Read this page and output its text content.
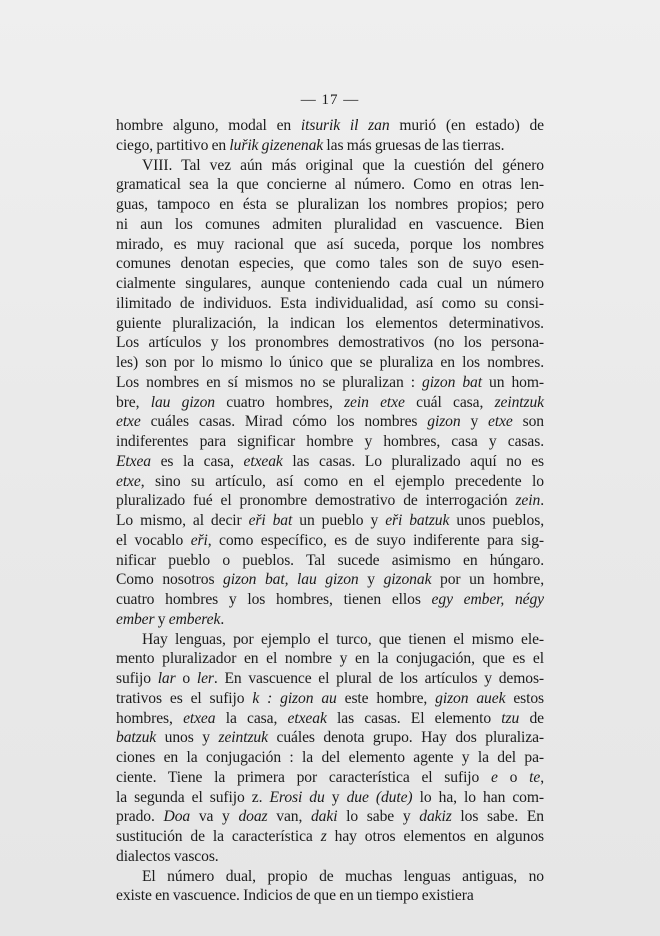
— 17 —
hombre alguno, modal en itsurik il zan murió (en estado) de
ciego, partitivo en luřik gizenenak las más gruesas de las tierras.
VIII. Tal vez aún más original que la cuestión del género
gramatical sea la que concierne al número. Como en otras len-
guas, tampoco en ésta se pluralizan los nombres propios; pero
ni aun los comunes admiten pluralidad en vascuence. Bien
mirado, es muy racional que así suceda, porque los nombres
comunes denotan especies, que como tales son de suyo esen-
cialmente singulares, aunque conteniendo cada cual un número
ilimitado de individuos. Esta individualidad, así como su consi-
guiente pluralización, la indican los elementos determinativos.
Los artículos y los pronombres demostrativos (no los persona-
les) son por lo mismo lo único que se pluraliza en los nombres.
Los nombres en sí mismos no se pluralizan : gizon bat un hom-
bre, lau gizon cuatro hombres, zein etxe cuál casa, zeintzuk
etxe cuáles casas. Mirad cómo los nombres gizon y etxe son
indiferentes para significar hombre y hombres, casa y casas.
Etxea es la casa, etxeak las casas. Lo pluralizado aquí no es
etxe, sino su artículo, así como en el ejemplo precedente lo
pluralizado fué el pronombre demostrativo de interrogación zein.
Lo mismo, al decir eři bat un pueblo y eři batzuk unos pueblos,
el vocablo eři, como específico, es de suyo indiferente para sig-
nificar pueblo o pueblos. Tal sucede asimismo en húngaro.
Como nosotros gizon bat, lau gizon y gizonak por un hombre,
cuatro hombres y los hombres, tienen ellos egy ember, négy
ember y emberek.
Hay lenguas, por ejemplo el turco, que tienen el mismo ele-
mento pluralizador en el nombre y en la conjugación, que es el
sufijo lar o ler. En vascuence el plural de los artículos y demos-
trativos es el sufijo k : gizon au este hombre, gizon auek estos
hombres, etxea la casa, etxeak las casas. El elemento tzu de
batzuk unos y zeintzuk cuáles denota grupo. Hay dos pluraliza-
ciones en la conjugación : la del elemento agente y la del pa-
ciente. Tiene la primera por característica el sufijo e o te,
la segunda el sufijo z. Erosi du y due (dute) lo ha, lo han com-
prado. Doa va y doaz van, daki lo sabe y dakiz los sabe. En
sustitución de la característica z hay otros elementos en algunos
dialectos vascos.
El número dual, propio de muchas lenguas antiguas, no
existe en vascuence. Indicios de que en un tiempo existiera
